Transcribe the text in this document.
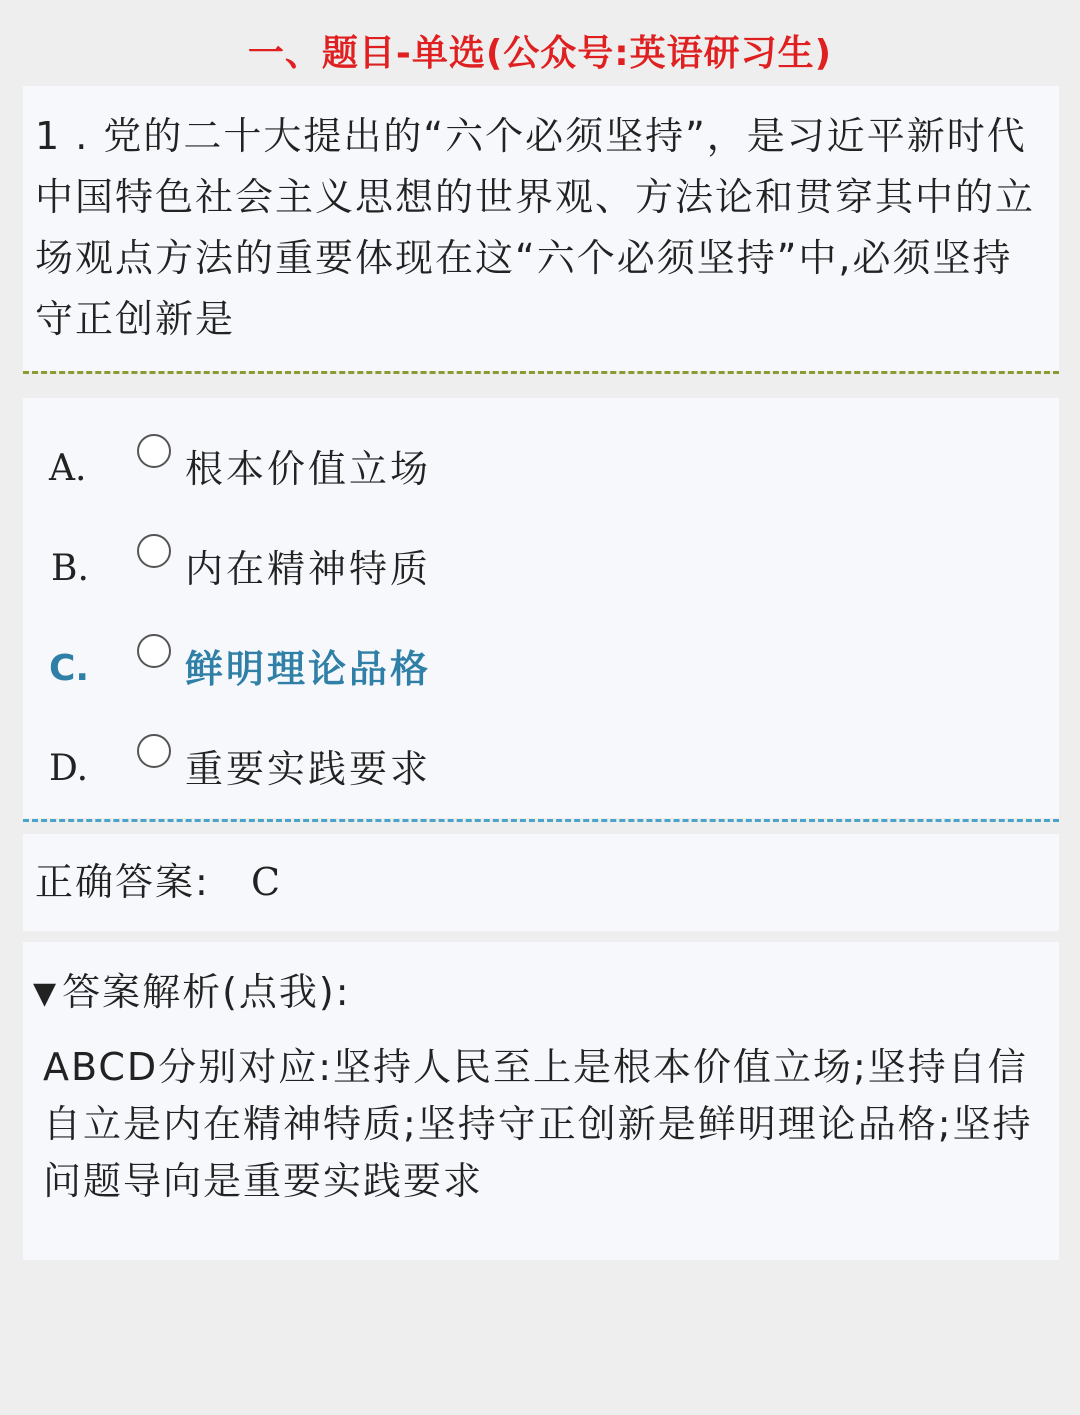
一、题目-单选(公众号:英语研习生)
1 . 党的二十大提出的“六个必须坚持”，是习近平新时代中国特色社会主义思想的世界观、方法论和贯穿其中的立场观点方法的重要体现在这“六个必须坚持”中,必须坚持守正创新是
A.	根本价值立场
B.	内在精神特质
C.	鲜明理论品格
D.	重要实践要求
正确答案: C
▼ 答案解析(点我):
ABCD分别对应:坚持人民至上是根本价值立场;坚持自信自立是内在精神特质;坚持守正创新是鲜明理论品格;坚持问题导向是重要实践要求
